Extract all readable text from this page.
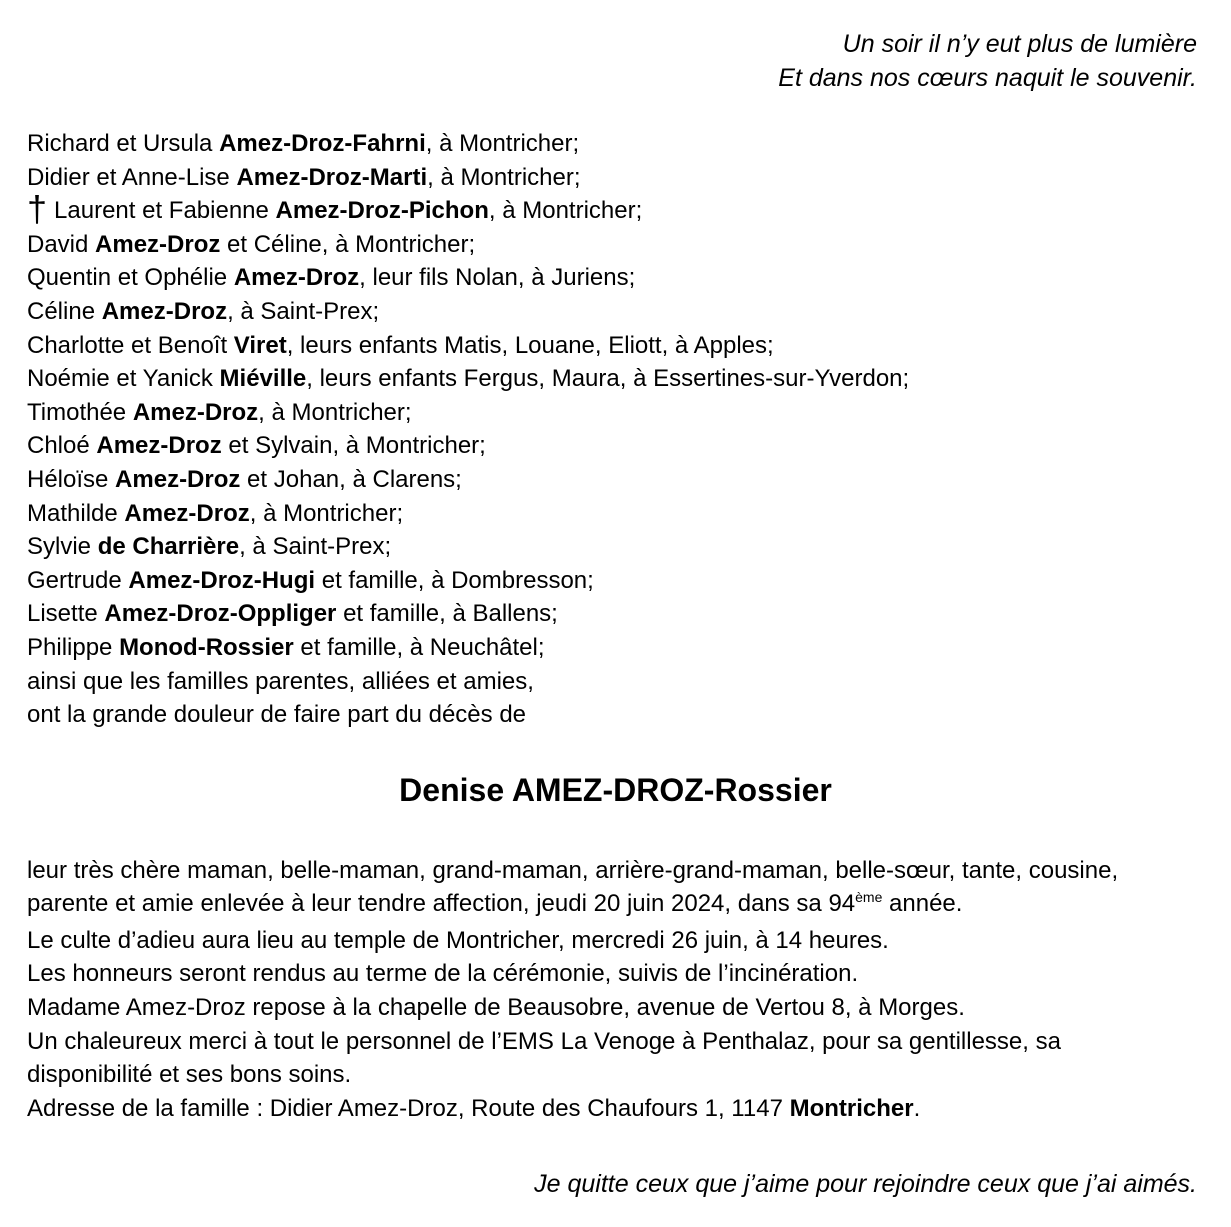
Un soir il n’y eut plus de lumière
Et dans nos cœurs naquit le souvenir.
Richard et Ursula Amez-Droz-Fahrni, à Montricher;
Didier et Anne-Lise Amez-Droz-Marti, à Montricher;
† Laurent et Fabienne Amez-Droz-Pichon, à Montricher;
David Amez-Droz et Céline, à Montricher;
Quentin et Ophélie Amez-Droz, leur fils Nolan, à Juriens;
Céline Amez-Droz, à Saint-Prex;
Charlotte et Benoît Viret, leurs enfants Matis, Louane, Eliott, à Apples;
Noémie et Yanick Miéville, leurs enfants Fergus, Maura, à Essertines-sur-Yverdon;
Timothée Amez-Droz, à Montricher;
Chloé Amez-Droz et Sylvain, à Montricher;
Héloïse Amez-Droz et Johan, à Clarens;
Mathilde Amez-Droz, à Montricher;
Sylvie de Charrière, à Saint-Prex;
Gertrude Amez-Droz-Hugi et famille, à Dombresson;
Lisette Amez-Droz-Oppliger et famille, à Ballens;
Philippe Monod-Rossier et famille, à Neuchâtel;
ainsi que les familles parentes, alliées et amies,
ont la grande douleur de faire part du décès de
Denise AMEZ-DROZ-Rossier
leur très chère maman, belle-maman, grand-maman, arrière-grand-maman, belle-sœur, tante, cousine,
parente et amie enlevée à leur tendre affection, jeudi 20 juin 2024, dans sa 94ème année.
Le culte d’adieu aura lieu au temple de Montricher, mercredi 26 juin, à 14 heures.
Les honneurs seront rendus au terme de la cérémonie, suivis de l’incinération.
Madame Amez-Droz repose à la chapelle de Beausobre, avenue de Vertou 8, à Morges.
Un chaleureux merci à tout le personnel de l’EMS La Venoge à Penthalaz, pour sa gentillesse, sa
disponibilité et ses bons soins.
Adresse de la famille : Didier Amez-Droz, Route des Chaufours 1, 1147 Montricher.
Je quitte ceux que j’aime pour rejoindre ceux que j’ai aimés.
